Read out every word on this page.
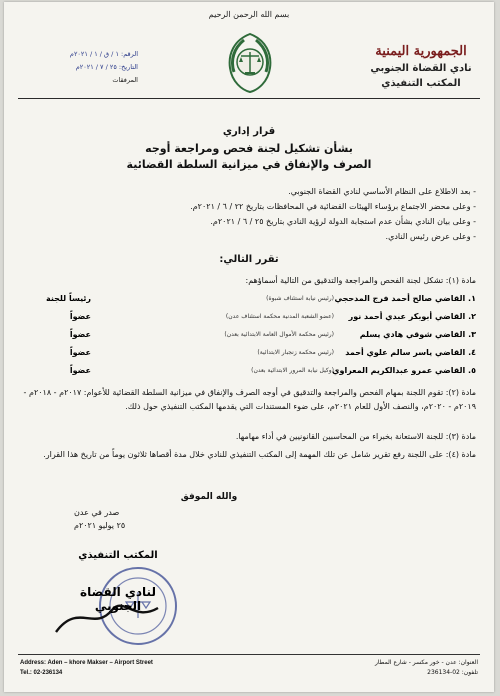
بسم الله الرحمن الرحيم
الجمهورية اليمنية
نادي القضاة الجنوبي
المكتب التنفيذي
الرقم: ١ / ق / ١ / ٢٠٢١م
التاريخ: ٢٥ / ٧ / ٢٠٢١م
المرفقات
قرار إداري
بشأن تشكيل لجنة فحص ومراجعة أوجه
الصرف والإنفاق في ميزانية السلطة القضائية
- بعد الاطلاع على النظام الأساسي لنادي القضاة الجنوبي.
- وعلى محضر الاجتماع برؤساء الهيئات القضائية في المحافظات بتاريخ ٢٢ / ٦ / ٢٠٢١م.
- وعلى بيان النادي بشأن عدم استجابة الدولة لرؤية النادي بتاريخ ٢٥ / ٦ / ٢٠٢١م.
- وعلى عرض رئيس النادي.
تقرر التالي:
مادة (١): تشكل لجنة الفحص والمراجعة والتدقيق من التالية أسماؤهم:
١. القاضي صالح أحمد فرج المدحجي
(رئيس نيابة استئناف شبوة)
رئيساً للجنة
٢. القاضي أبوبكر عبدي أحمد نور
(عضو الشعبة المدنية محكمة استئناف عدن)
عضواً
٣. القاضي شوقي هادي يسلم
(رئيس محكمة الأموال العامة الابتدائية بعدن)
عضواً
٤. القاضي ياسر سالم علوي أحمد
(رئيس محكمة زنجبار الابتدائية)
عضواً
٥. القاضي عمرو عبدالكريم المعراوي
(وكيل نيابة المرور الابتدائية بعدن)
عضواً
مادة (٢): تقوم اللجنة بمهام الفحص والمراجعة والتدقيق في أوجه الصرف والإنفاق في ميزانية السلطة القضائية للأعوام: ٢٠١٧م - ٢٠١٨م - ٢٠١٩م - ٢٠٢٠م، والنصف الأول للعام ٢٠٢١م، على ضوء المستندات التي يقدمها المكتب التنفيذي حول ذلك.
مادة (٣): للجنة الاستعانة بخبراء من المحاسبين القانونيين في أداء مهامها.
مادة (٤): على اللجنة رفع تقرير شامل عن تلك المهمة إلى المكتب التنفيذي للنادي خلال مدة أقصاها ثلاثون يوماً من تاريخ هذا القرار.
والله الموفق
صدر في عدن
٢٥ يوليو ٢٠٢١م
المكتب التنفيذي
لنادي القضاة الجنوبي
Address: Aden – khore Makser – Airport Street
Tel.: 02-236134
العنوان: عدن - خور مكسر - شارع المطار
تلفون: 02-236134
